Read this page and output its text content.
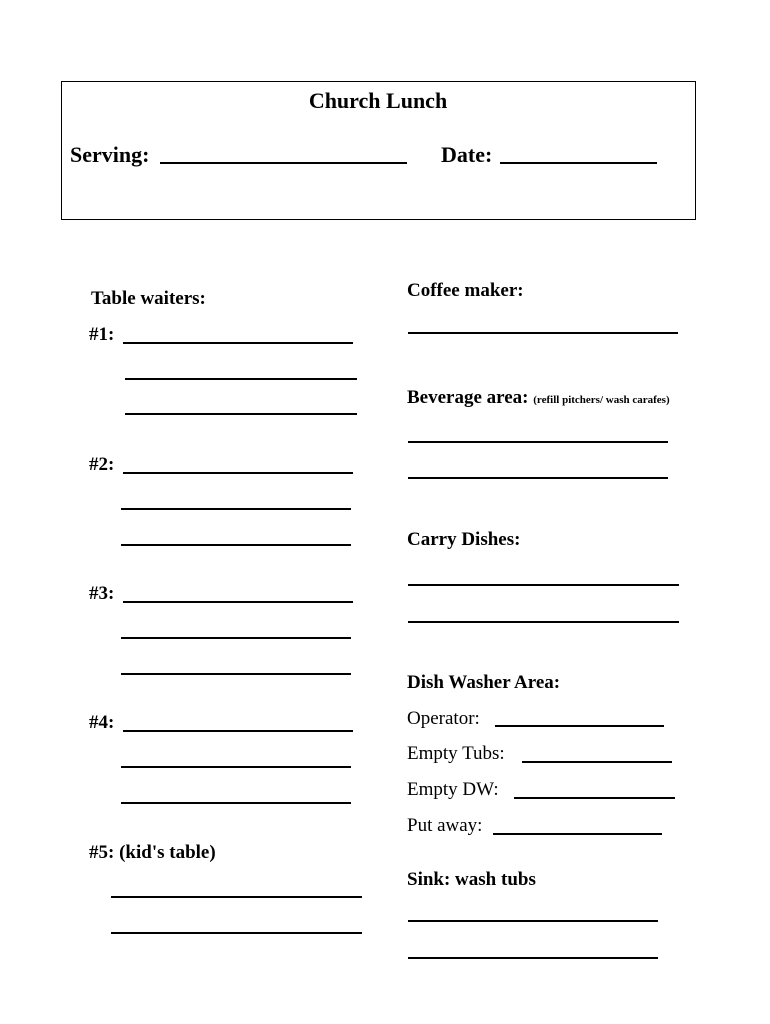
Church Lunch
Serving:	Date:
Table waiters:
#1:
#2:
#3:
#4:
#5: (kid's table)
Coffee maker:
Beverage area: (refill pitchers/ wash carafes)
Carry Dishes:
Dish Washer Area:
Operator:
Empty Tubs:
Empty DW:
Put away:
Sink: wash tubs
